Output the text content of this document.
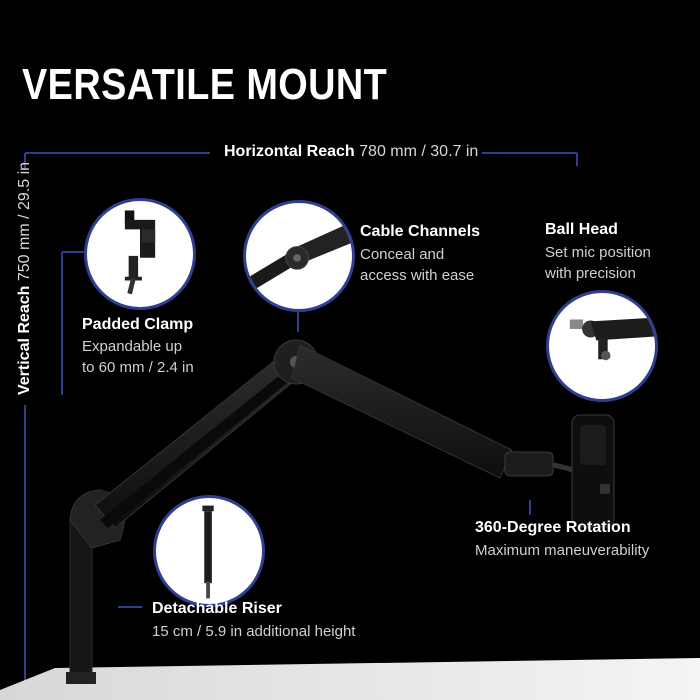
VERSATILE MOUNT
Horizontal Reach 780 mm / 30.7 in
Vertical Reach 750 mm / 29.5 in
Padded Clamp
Expandable up
to 60 mm / 2.4 in
Cable Channels
Conceal and
access with ease
Ball Head
Set mic position
with precision
360-Degree Rotation
Maximum maneuverability
Detachable Riser
15 cm / 5.9 in additional height
